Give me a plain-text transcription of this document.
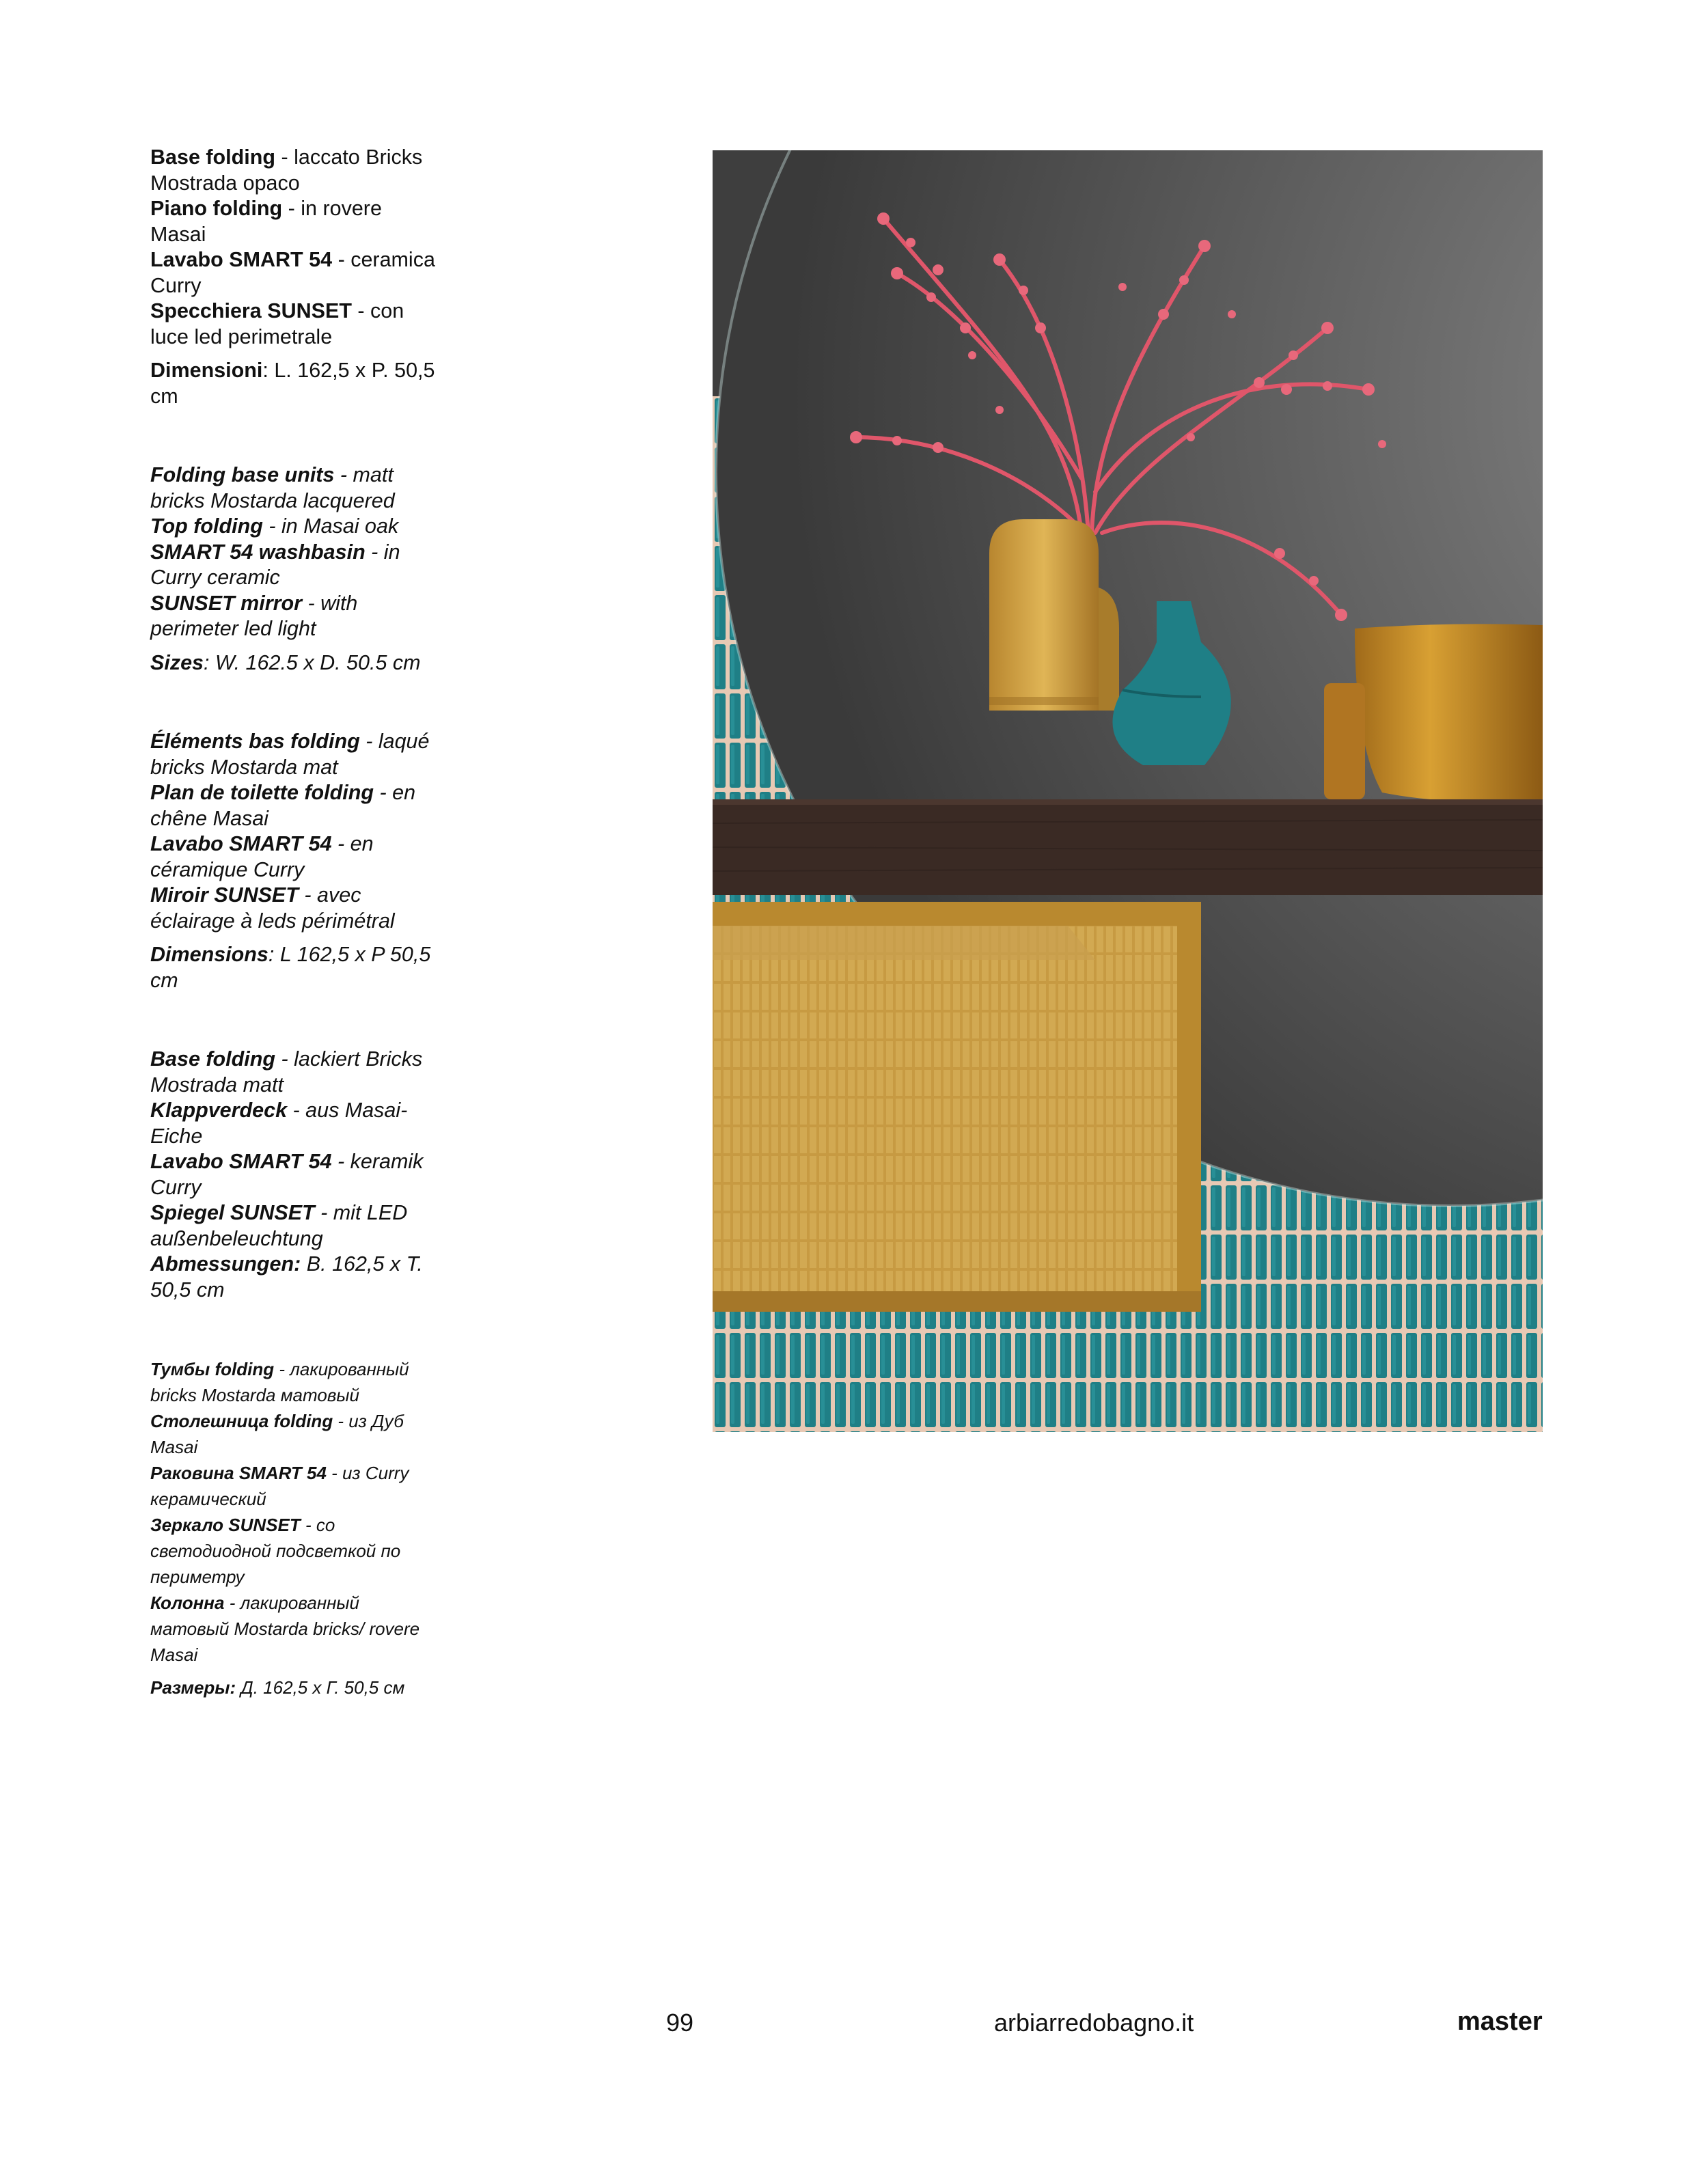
Base folding - laccato Bricks Mostrada opaco

Piano folding - in rovere Masai

Lavabo SMART 54 - ceramica Curry

Specchiera SUNSET - con luce led perimetrale

Dimensioni: L. 162,5 x P. 50,5 cm

Folding base units - matt bricks Mostarda lacquered

Top folding - in Masai oak

SMART 54 washbasin - in Curry ceramic

SUNSET mirror - with perimeter led light

Sizes: W. 162.5 x D. 50.5 cm

Éléments bas folding - laqué bricks Mostarda mat

Plan de toilette folding - en chêne Masai

Lavabo SMART 54 - en céramique Curry

Miroir SUNSET - avec éclairage à leds périmétral

Dimensions: L 162,5 x P 50,5 cm

Base folding - lackiert Bricks Mostrada matt

Klappverdeck - aus Masai-Eiche

Lavabo SMART 54 - keramik Curry

Spiegel SUNSET - mit LED außenbeleuchtung

Abmessungen: B. 162,5 x T. 50,5 cm

Тумбы folding - лакированный bricks Mostarda матовый

Столешница folding - из Дуб Masai

Раковина SMART 54 - из Curry керамический

Зеркало SUNSET - со светодиодной подсветкой по периметру

Колонна - лакированный матовый Mostarda bricks/ rovere Masai

Размеры: Д. 162,5 х Г. 50,5 см

99	arbiarredobagno.it	master
